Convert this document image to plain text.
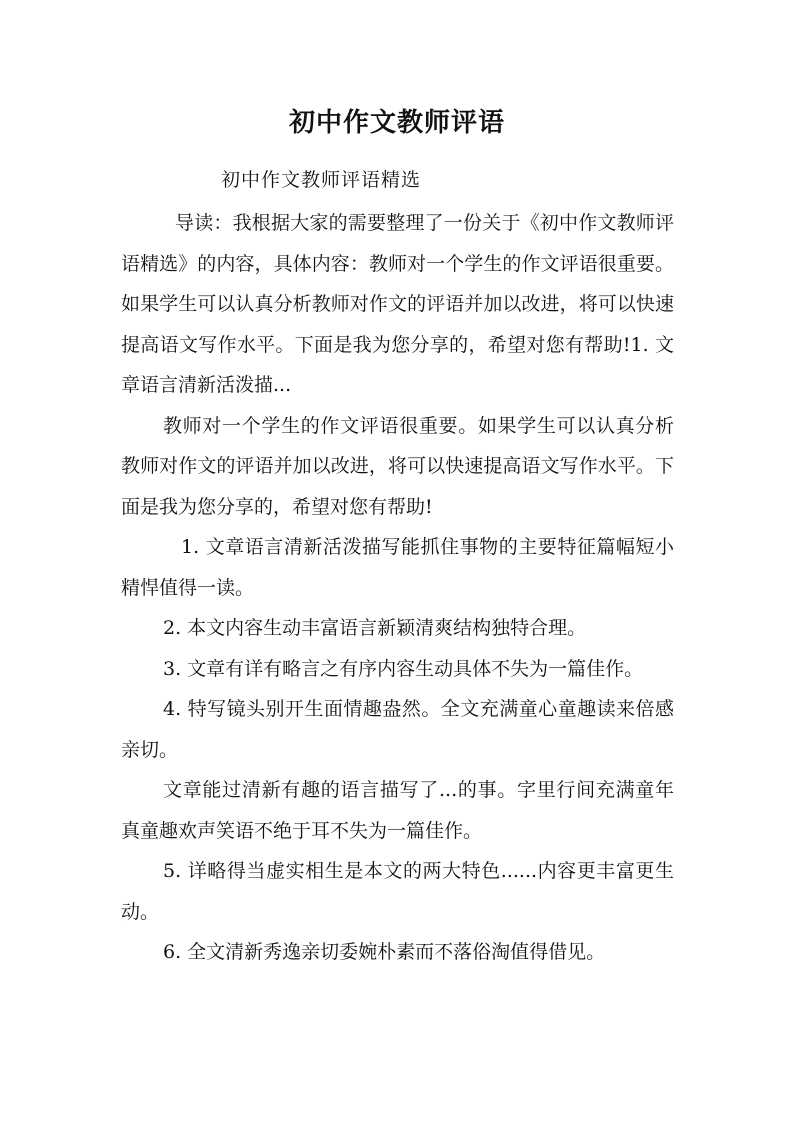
初中作文教师评语
初中作文教师评语精选

导读：我根据大家的需要整理了一份关于《初中作文教师评语精选》的内容，具体内容：教师对一个学生的作文评语很重要。如果学生可以认真分析教师对作文的评语并加以改进，将可以快速提高语文写作水平。下面是我为您分享的，希望对您有帮助!1. 文章语言清新活泼描...

教师对一个学生的作文评语很重要。如果学生可以认真分析教师对作文的评语并加以改进，将可以快速提高语文写作水平。下面是我为您分享的，希望对您有帮助!

1. 文章语言清新活泼描写能抓住事物的主要特征篇幅短小精悍值得一读。

2. 本文内容生动丰富语言新颖清爽结构独特合理。

3. 文章有详有略言之有序内容生动具体不失为一篇佳作。

4. 特写镜头别开生面情趣盎然。全文充满童心童趣读来倍感亲切。

文章能过清新有趣的语言描写了...的事。字里行间充满童年真童趣欢声笑语不绝于耳不失为一篇佳作。

5. 详略得当虚实相生是本文的两大特色......内容更丰富更生动。

6. 全文清新秀逸亲切委婉朴素而不落俗淘值得借见。
